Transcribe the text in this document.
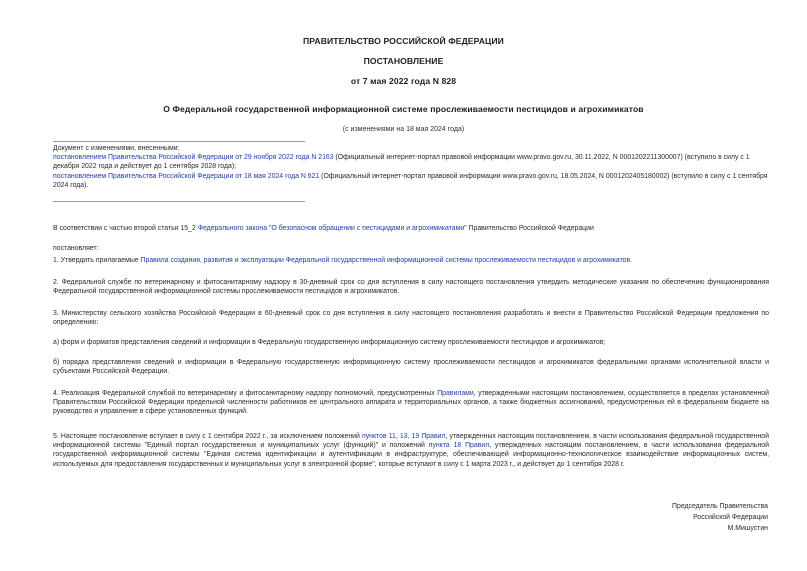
ПРАВИТЕЛЬСТВО РОССИЙСКОЙ ФЕДЕРАЦИИ
ПОСТАНОВЛЕНИЕ
от 7 мая 2022 года N 828
О Федеральной государственной информационной системе прослеживаемости пестицидов и агрохимикатов
(с изменениями на 18 мая 2024 года)
Документ с изменениями, внесенными:
постановлением Правительства Российской Федерации от 29 ноября 2022 года N 2163 (Официальный интернет-портал правовой информации www.pravo.gov.ru, 30.11.2022, N 0001202211300007) (вступило в силу с 1 декабря 2022 года и действует до 1 сентября 2028 года);
постановлением Правительства Российской Федерации от 18 мая 2024 года N 621 (Официальный интернет-портал правовой информации www.pravo.gov.ru, 18.05.2024, N 0001202405180002) (вступило в силу с 1 сентября 2024 года).
В соответствии с частью второй статьи 15_2 Федерального закона "О безопасном обращении с пестицидами и агрохимикатами" Правительство Российской Федерации
постановляет:
1. Утвердить прилагаемые Правила создания, развития и эксплуатации Федеральной государственной информационной системы прослеживаемости пестицидов и агрохимикатов.
2. Федеральной службе по ветеринарному и фитосанитарному надзору в 30-дневный срок со дня вступления в силу настоящего постановления утвердить методические указания по обеспечению функционирования Федеральной государственной информационной системы прослеживаемости пестицидов и агрохимикатов.
3. Министерству сельского хозяйства Российской Федерации в 60-дневный срок со дня вступления в силу настоящего постановления разработать и внести в Правительство Российской Федерации предложения по определению:
а) форм и форматов представления сведений и информации в Федеральную государственную информационную систему прослеживаемости пестицидов и агрохимикатов;
б) порядка представления сведений и информации в Федеральную государственную информационную систему прослеживаемости пестицидов и агрохимикатов федеральными органами исполнительной власти и субъектами Российской Федерации.
4. Реализация Федеральной службой по ветеринарному и фитосанитарному надзору полномочий, предусмотренных Правилами, утвержденными настоящим постановлением, осуществляется в пределах установленной Правительством Российской Федерации предельной численности работников ее центрального аппарата и территориальных органов, а также бюджетных ассигнований, предусмотренных ей в федеральном бюджете на руководство и управление в сфере установленных функций.
5. Настоящее постановление вступает в силу с 1 сентября 2022 г., за исключением положений пунктов 11, 13, 19 Правил, утвержденных настоящим постановлением, в части использования федеральной государственной информационной системы "Единый портал государственных и муниципальных услуг (функций)" и положений пункта 18 Правил, утвержденных настоящим постановлением, в части использования федеральной государственной информационной системы "Единая система идентификации и аутентификации в инфраструктуре, обеспечивающей информационно-технологическое взаимодействие информационных систем, используемых для предоставления государственных и муниципальных услуг в электронной форме", которые вступают в силу с 1 марта 2023 г., и действует до 1 сентября 2028 г.
Председатель Правительства
Российской Федерации
М.Мишустин
